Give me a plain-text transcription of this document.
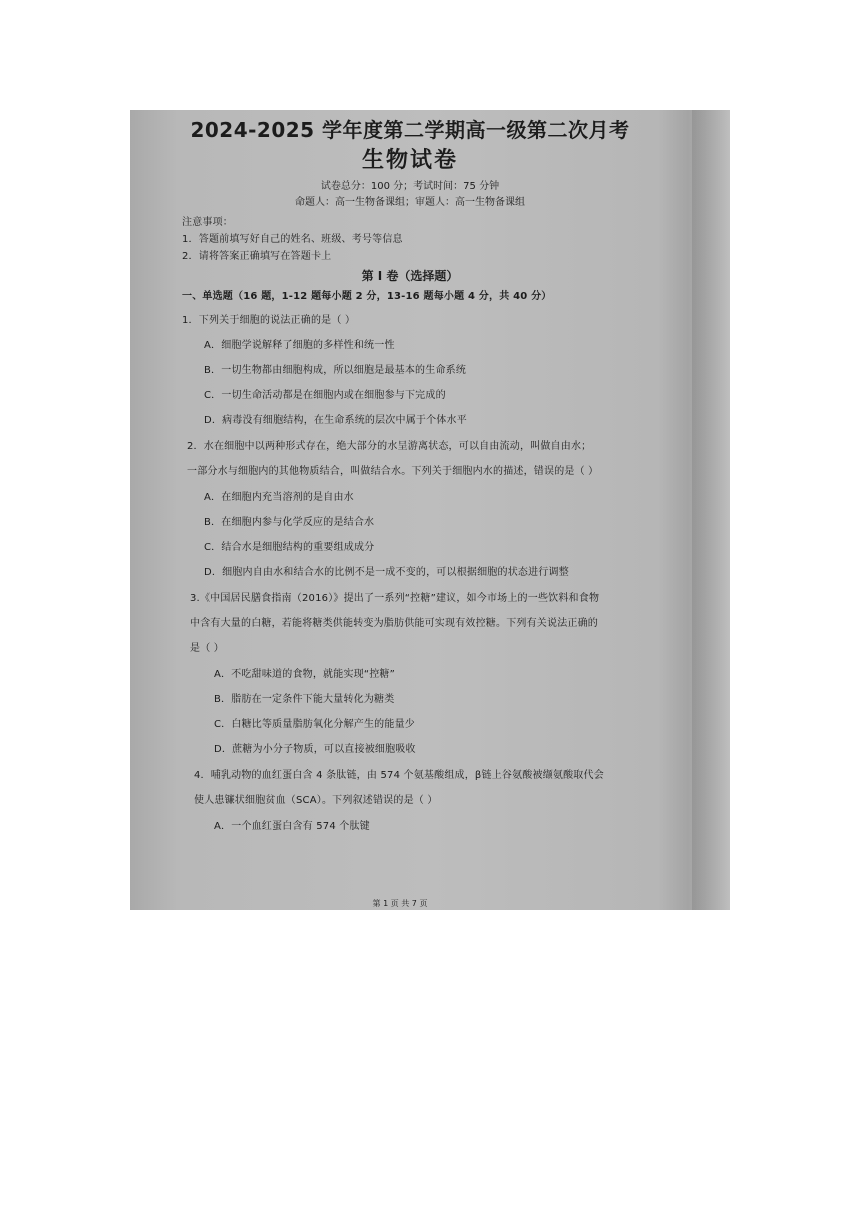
2024-2025 学年度第二学期高一级第二次月考
生物试卷
试卷总分：100 分；考试时间：75 分钟
命题人：高一生物备课组；审题人：高一生物备课组
注意事项：
1．答题前填写好自己的姓名、班级、考号等信息
2．请将答案正确填写在答题卡上
第 I 卷（选择题）
一、单选题（16 题，1-12 题每小题 2 分，13-16 题每小题 4 分，共 40 分）
1．下列关于细胞的说法正确的是（ ）
A．细胞学说解释了细胞的多样性和统一性
B．一切生物都由细胞构成，所以细胞是最基本的生命系统
C．一切生命活动都是在细胞内或在细胞参与下完成的
D．病毒没有细胞结构，在生命系统的层次中属于个体水平
2．水在细胞中以两种形式存在，绝大部分的水呈游离状态，可以自由流动，叫做自由水；
一部分水与细胞内的其他物质结合，叫做结合水。下列关于细胞内水的描述，错误的是（ ）
A．在细胞内充当溶剂的是自由水
B．在细胞内参与化学反应的是结合水
C．结合水是细胞结构的重要组成成分
D．细胞内自由水和结合水的比例不是一成不变的，可以根据细胞的状态进行调整
3.《中国居民膳食指南（2016）》提出了一系列“控糖”建议，如今市场上的一些饮料和食物
中含有大量的白糖，若能将糖类供能转变为脂肪供能可实现有效控糖。下列有关说法正确的
是（ ）
A．不吃甜味道的食物，就能实现“控糖”
B．脂肪在一定条件下能大量转化为糖类
C．白糖比等质量脂肪氧化分解产生的能量少
D．蔗糖为小分子物质，可以直接被细胞吸收
4．哺乳动物的血红蛋白含 4 条肽链，由 574 个氨基酸组成，β链上谷氨酸被缬氨酸取代会
使人患镰状细胞贫血（SCA）。下列叙述错误的是（ ）
A．一个血红蛋白含有 574 个肽键
第 1 页 共 7 页
